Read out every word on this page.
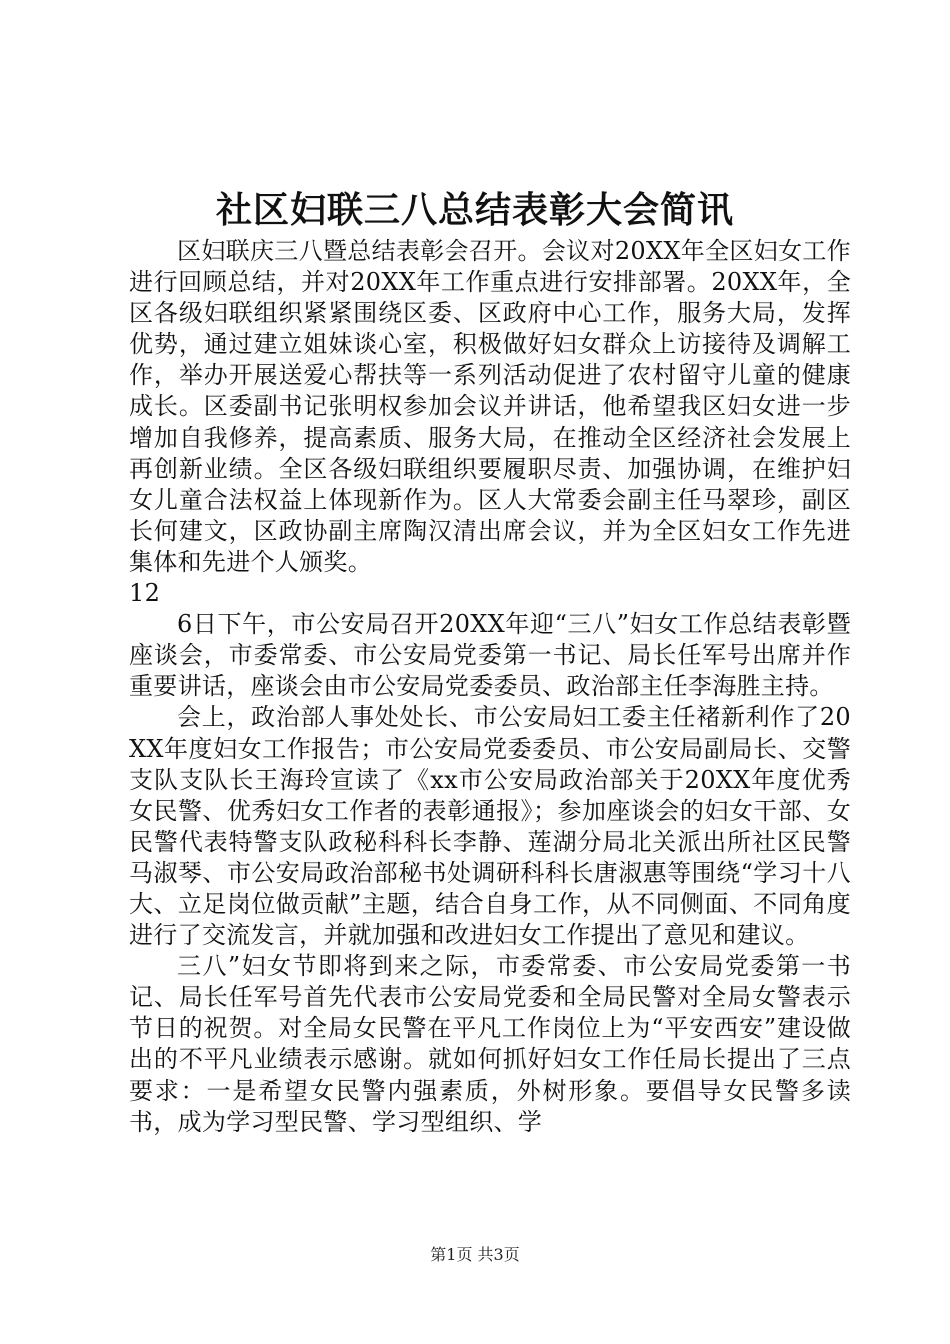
社区妇联三八总结表彰大会简讯

区妇联庆三八暨总结表彰会召开。会议对20XX年全区妇女工作进行回顾总结，并对20XX年工作重点进行安排部署。20XX年，全区各级妇联组织紧紧围绕区委、区政府中心工作，服务大局，发挥优势，通过建立姐妹谈心室，积极做好妇女群众上访接待及调解工作，举办开展送爱心帮扶等一系列活动促进了农村留守儿童的健康成长。区委副书记张明权参加会议并讲话，他希望我区妇女进一步增加自我修养，提高素质、服务大局，在推动全区经济社会发展上再创新业绩。全区各级妇联组织要履职尽责、加强协调，在维护妇女儿童合法权益上体现新作为。区人大常委会副主任马翠珍，副区长何建文，区政协副主席陶汉清出席会议，并为全区妇女工作先进集体和先进个人颁奖。

12

6日下午，市公安局召开20XX年迎“三八”妇女工作总结表彰暨座谈会，市委常委、市公安局党委第一书记、局长任军号出席并作重要讲话，座谈会由市公安局党委委员、政治部主任李海胜主持。

会上，政治部人事处处长、市公安局妇工委主任褚新利作了20XX年度妇女工作报告；市公安局党委委员、市公安局副局长、交警支队支队长王海玲宣读了《xx市公安局政治部关于20XX年度优秀女民警、优秀妇女工作者的表彰通报》；参加座谈会的妇女干部、女民警代表特警支队政秘科科长李静、莲湖分局北关派出所社区民警马淑琴、市公安局政治部秘书处调研科科长唐淑惠等围绕“学习十八大、立足岗位做贡献”主题，结合自身工作，从不同侧面、不同角度进行了交流发言，并就加强和改进妇女工作提出了意见和建议。

三八”妇女节即将到来之际，市委常委、市公安局党委第一书记、局长任军号首先代表市公安局党委和全局民警对全局女警表示节日的祝贺。对全局女民警在平凡工作岗位上为“平安西安”建设做出的不平凡业绩表示感谢。就如何抓好妇女工作任局长提出了三点要求：一是希望女民警内强素质，外树形象。要倡导女民警多读书，成为学习型民警、学习型组织、学

第1页 共3页
